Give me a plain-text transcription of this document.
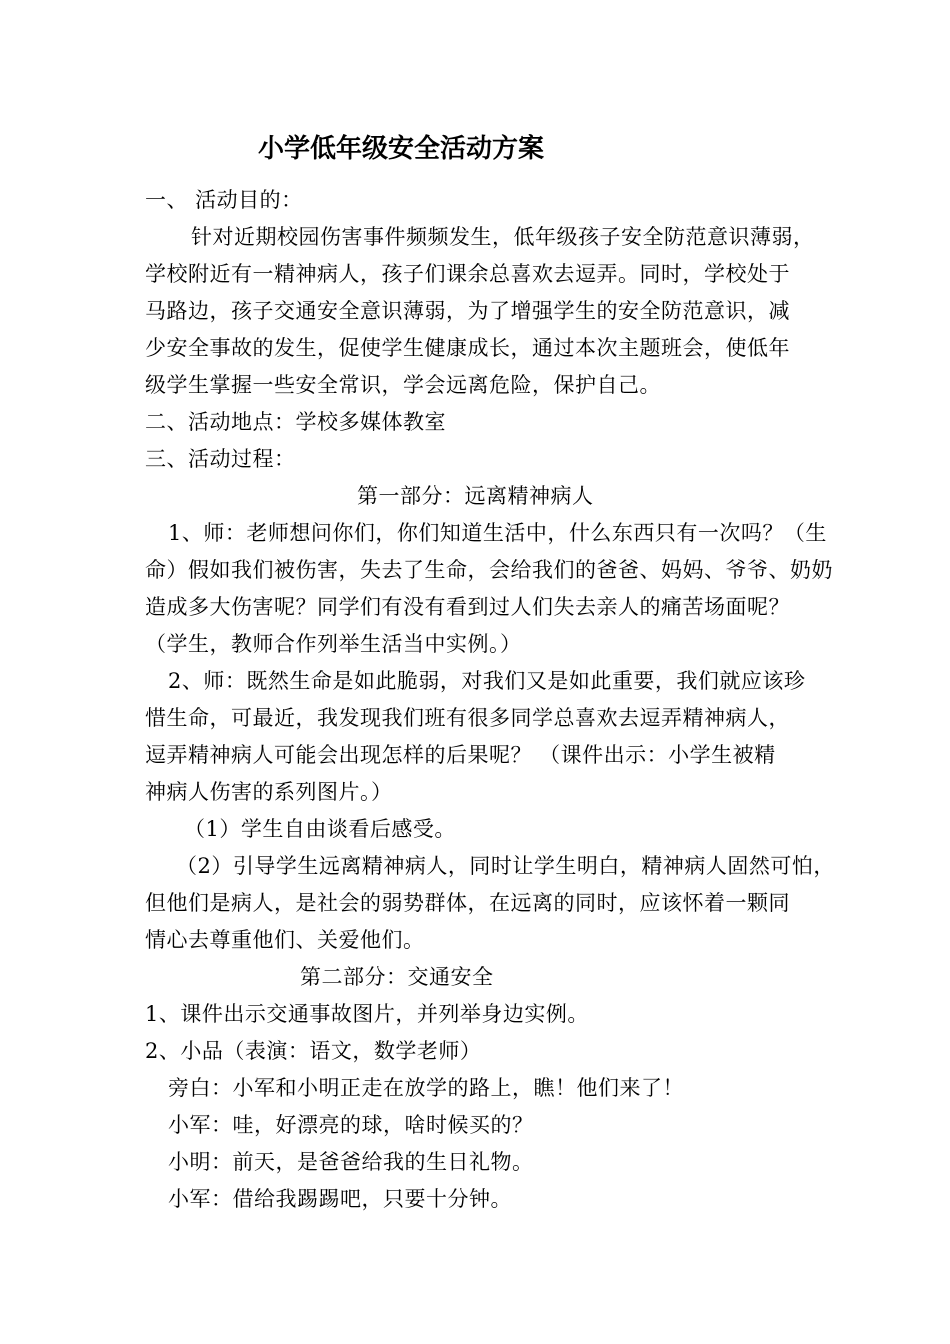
小学低年级安全活动方案
一、 活动目的：
针对近期校园伤害事件频频发生，低年级孩子安全防范意识薄弱，
学校附近有一精神病人，孩子们课余总喜欢去逗弄。同时，学校处于
马路边，孩子交通安全意识薄弱，为了增强学生的安全防范意识，减
少安全事故的发生，促使学生健康成长，通过本次主题班会，使低年
级学生掌握一些安全常识，学会远离危险，保护自己。
二、活动地点：学校多媒体教室
三、活动过程：
第一部分：远离精神病人
1、师：老师想问你们，你们知道生活中，什么东西只有一次吗？（生
命）假如我们被伤害，失去了生命，会给我们的爸爸、妈妈、爷爷、奶奶
造成多大伤害呢？同学们有没有看到过人们失去亲人的痛苦场面呢？
（学生，教师合作列举生活当中实例。）
2、师：既然生命是如此脆弱，对我们又是如此重要，我们就应该珍
惜生命，可最近，我发现我们班有很多同学总喜欢去逗弄精神病人，
逗弄精神病人可能会出现怎样的后果呢？ （课件出示：小学生被精
神病人伤害的系列图片。）
（1）学生自由谈看后感受。
（2）引导学生远离精神病人，同时让学生明白，精神病人固然可怕，
但他们是病人，是社会的弱势群体，在远离的同时，应该怀着一颗同
情心去尊重他们、关爱他们。
第二部分：交通安全
1、课件出示交通事故图片，并列举身边实例。
2、小品（表演：语文，数学老师）
旁白：小军和小明正走在放学的路上，瞧！他们来了！
小军：哇，好漂亮的球，啥时候买的？
小明：前天，是爸爸给我的生日礼物。
小军：借给我踢踢吧，只要十分钟。
